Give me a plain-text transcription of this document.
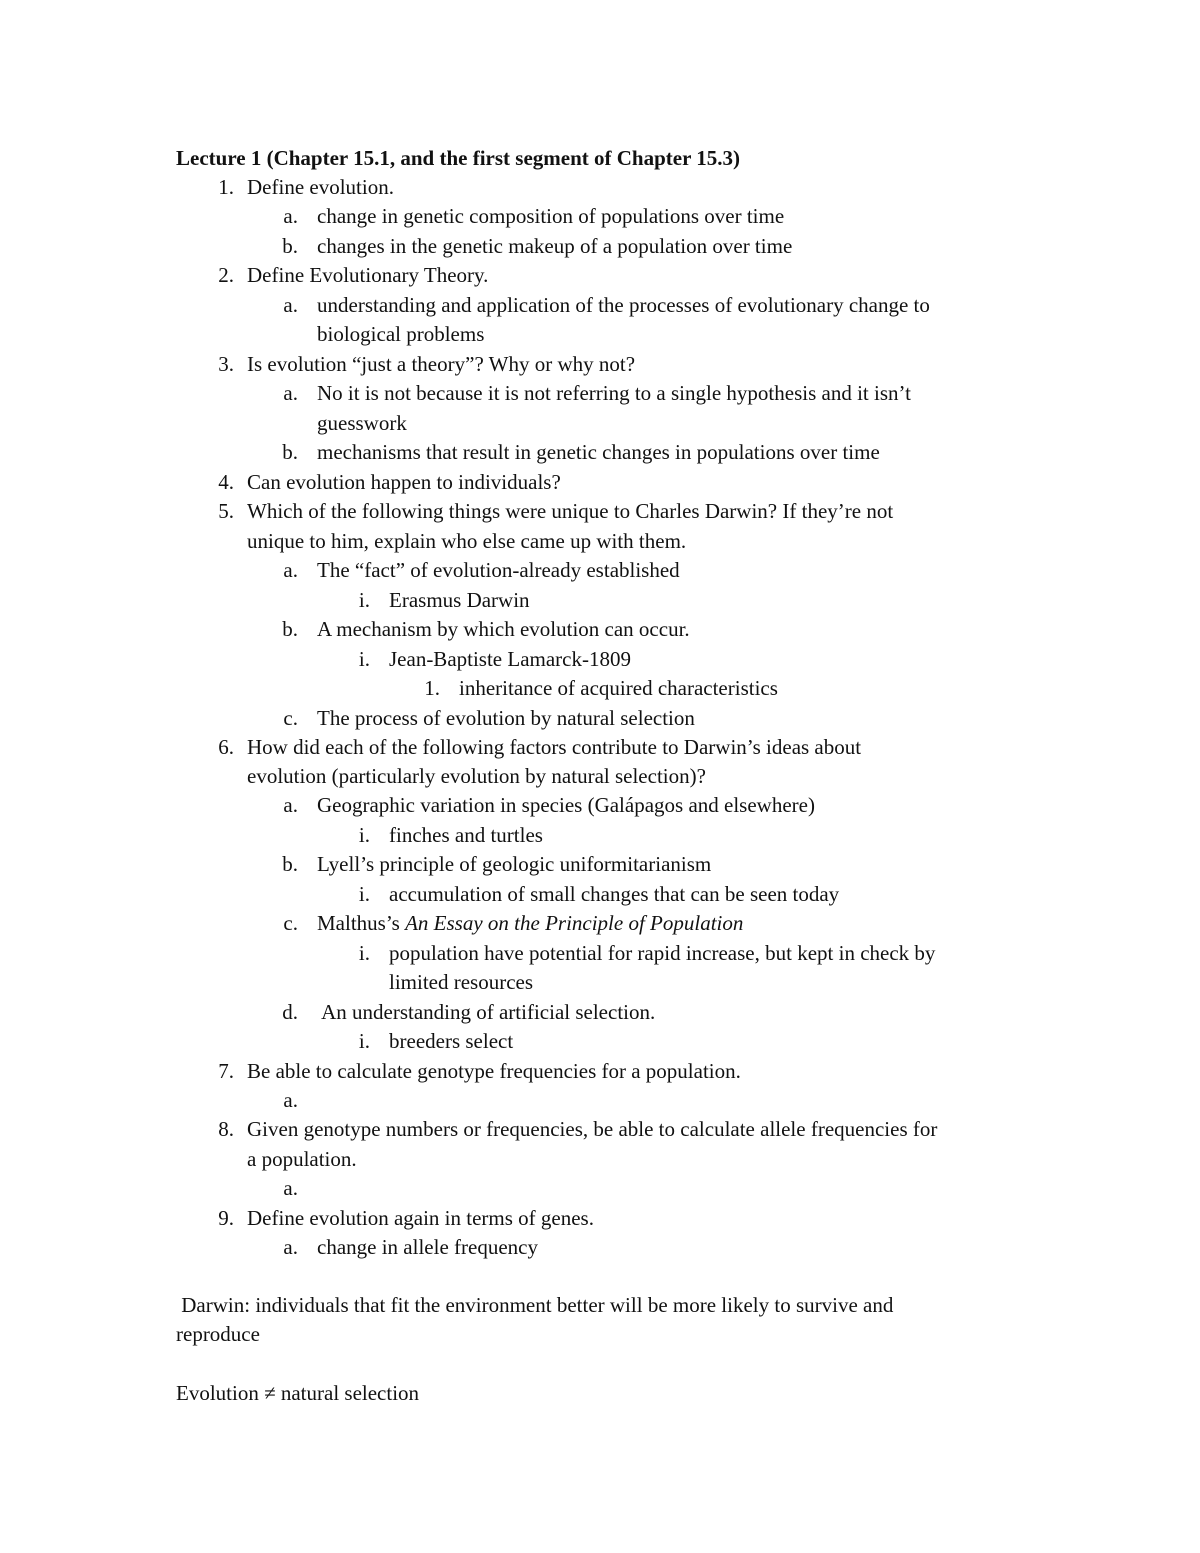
Lecture 1 (Chapter 15.1, and the first segment of Chapter 15.3)
1. Define evolution.
a. change in genetic composition of populations over time
b. changes in the genetic makeup of a population over time
2. Define Evolutionary Theory.
a. understanding and application of the processes of evolutionary change to
biological problems
3. Is evolution “just a theory”? Why or why not?
a. No it is not because it is not referring to a single hypothesis and it isn’t
guesswork
b. mechanisms that result in genetic changes in populations over time
4. Can evolution happen to individuals?
5. Which of the following things were unique to Charles Darwin? If they’re not
unique to him, explain who else came up with them.
a. The “fact” of evolution-already established
i. Erasmus Darwin
b. A mechanism by which evolution can occur.
i. Jean-Baptiste Lamarck-1809
1. inheritance of acquired characteristics
c. The process of evolution by natural selection
6. How did each of the following factors contribute to Darwin’s ideas about
evolution (particularly evolution by natural selection)?
a. Geographic variation in species (Galápagos and elsewhere)
i. finches and turtles
b. Lyell’s principle of geologic uniformitarianism
i. accumulation of small changes that can be seen today
c. Malthus’s An Essay on the Principle of Population
i. population have potential for rapid increase, but kept in check by
limited resources
d. An understanding of artificial selection.
i. breeders select
7. Be able to calculate genotype frequencies for a population.
a.
8. Given genotype numbers or frequencies, be able to calculate allele frequencies for
a population.
a.
9. Define evolution again in terms of genes.
a. change in allele frequency
Darwin: individuals that fit the environment better will be more likely to survive and
reproduce
Evolution ≠ natural selection
